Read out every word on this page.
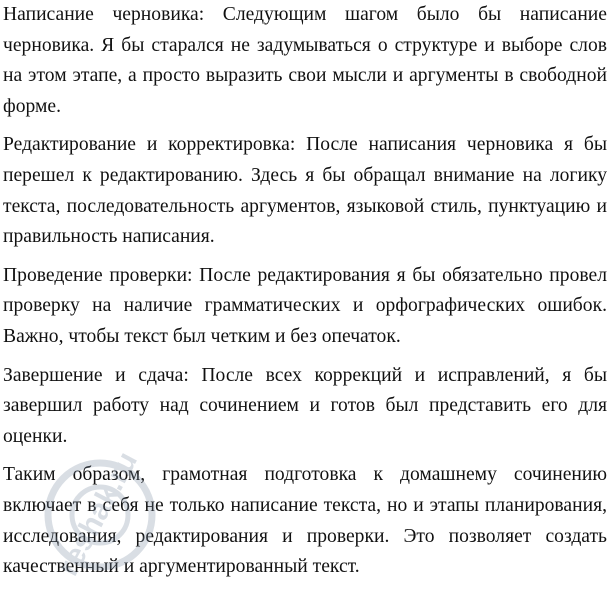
Написание черновика: Следующим шагом было бы написание черновика. Я бы старался не задумываться о структуре и выборе слов на этом этапе, а просто выразить свои мысли и аргументы в свободной форме.

Редактирование и корректировка: После написания черновика я бы перешел к редактированию. Здесь я бы обращал внимание на логику текста, последовательность аргументов, языковой стиль, пунктуацию и правильность написания.

Проведение проверки: После редактирования я бы обязательно провел проверку на наличие грамматических и орфографических ошибок. Важно, чтобы текст был четким и без опечаток.

Завершение и сдача: После всех коррекций и исправлений, я бы завершил работу над сочинением и готов был представить его для оценки.

Таким образом, грамотная подготовка к домашнему сочинению включает в себя не только написание текста, но и этапы планирования, исследования, редактирования и проверки. Это позволяет создать качественный и аргументированный текст.

reshak.ru
